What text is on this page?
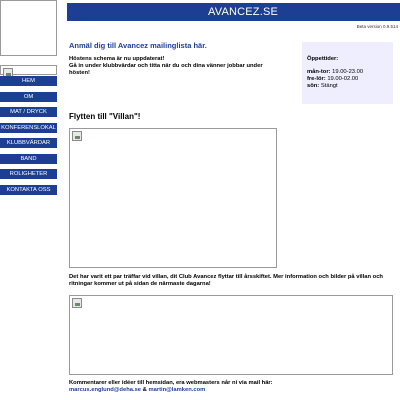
AVANCEZ.SE
Beta version 0.9.514
HEM
OM
MAT / DRYCK
KONFERENSLOKAL
KLUBBVÄRDAR
BAND
ROLIGHETER
KONTAKTA OSS
Anmäl dig till Avancez mailinglista här.
Höstens schema är nu uppdaterat!
Gå in under klubbvärdar och titta när du och dina vänner jobbar under hösten!
Öppettider:
mån-tor: 19.00-23.00
fre-lör: 19.00-02.00
sön: Stängt
Flytten till "Villan"!
Det har varit ett par träffar vid villan, dit Club Avancez flyttar till årsskiftet. Mer information och bilder på villan och ritningar kommer ut på sidan de närmaste dagarna!
Kommentarer eller idéer till hemsidan, era webmasters når ni via mail här:
marcus.englund@deha.se & martin@lamken.com
